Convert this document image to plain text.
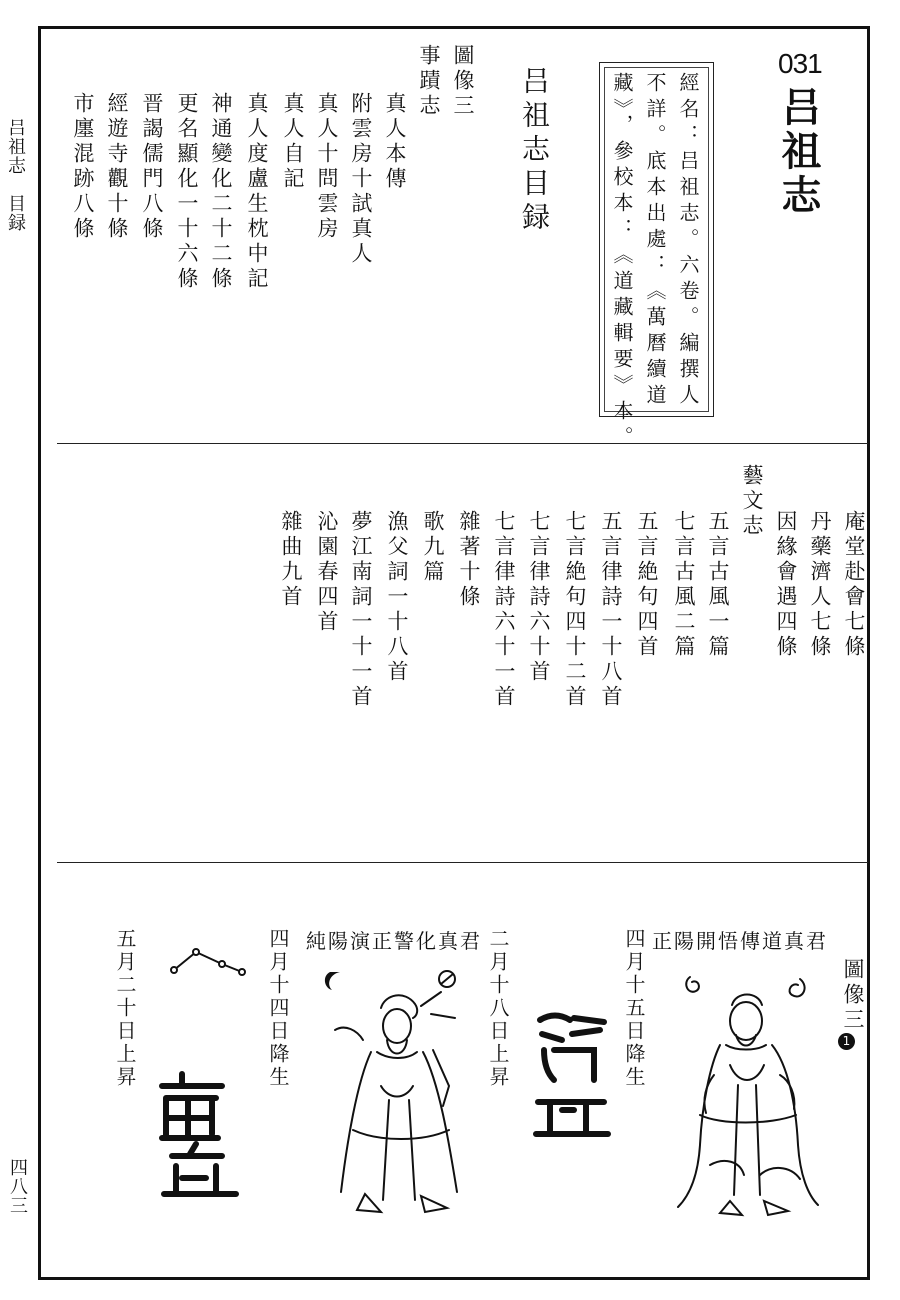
吕祖志　目録
四八三
031
吕祖志
經名：吕祖志。六卷。編撰人
不詳。底本出處：《萬曆續道
藏》，參校本：《道藏輯要》本。
吕祖志目録
圖像三
事蹟志
真人本傳
附雲房十試真人
真人十問雲房
真人自記
真人度盧生枕中記
神通變化二十二條
更名顯化一十六條
晋謁儒門八條
經遊寺觀十條
市廛混跡八條
庵堂赴會七條
丹藥濟人七條
因緣會遇四條
藝文志
五言古風一篇
七言古風二篇
五言絶句四首
五言律詩一十八首
七言絶句四十二首
七言律詩六十首
七言律詩六十一首
雜著十條
歌九篇
漁父詞一十八首
夢江南詞一十一首
沁園春四首
雜曲九首
圖像三
1
正陽開悟傳道真君
四月十五日降生
二月十八日上昇
純陽演正警化真君
四月十四日降生
五月二十日上昇
